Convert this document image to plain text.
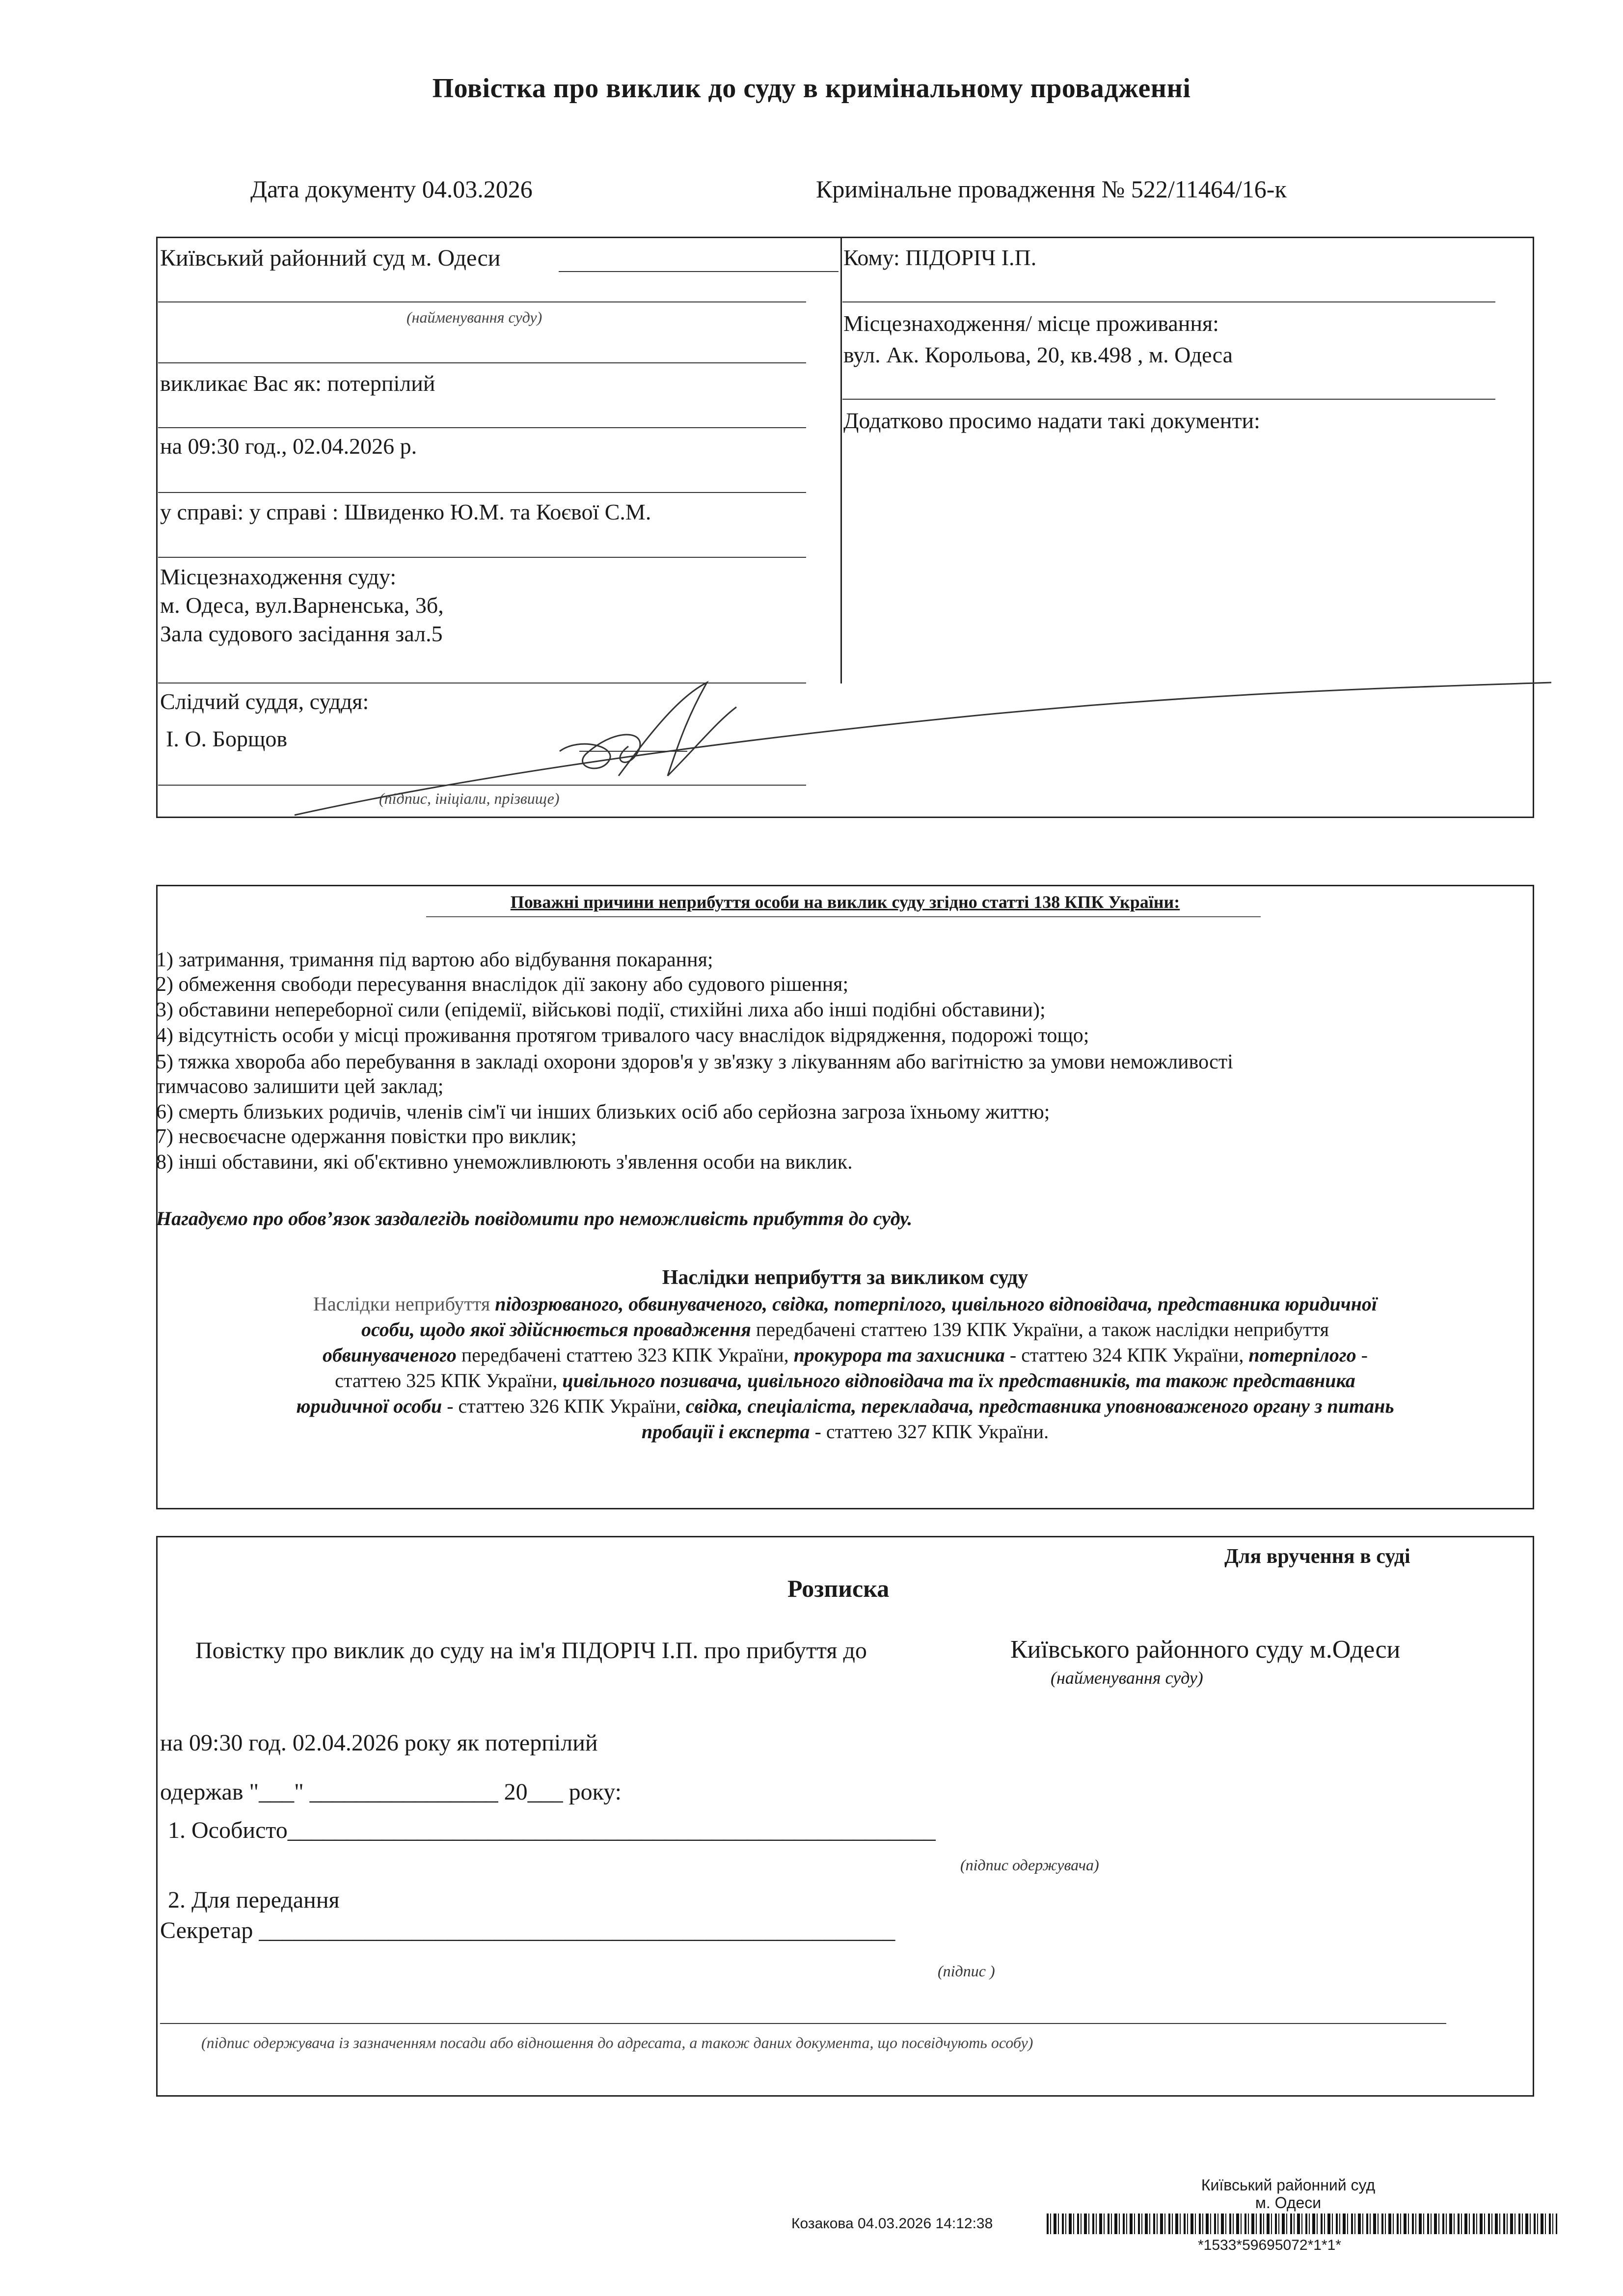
Повістка про виклик до суду в кримінальному провадженні
Дата документу 04.03.2026	Кримінальне провадження № 522/11464/16-к
Київський районний суд м. Одеси
(найменування суду)
викликає Вас як: потерпілий
на 09:30 год., 02.04.2026 р.
у справі: у справі : Швиденко Ю.М. та Коєвої С.М.
Місцезнаходження суду:
м. Одеса, вул.Варненська, 3б,
Зала судового засідання зал.5
Слідчий суддя, суддя:
І. О. Борщов
(підпис, ініціали, прізвище)
Кому: ПІДОРІЧ І.П.
Місцезнаходження/ місце проживання:
вул. Ак. Корольова, 20, кв.498 , м. Одеса
Додатково просимо надати такі документи:
Поважні причини неприбуття особи на виклик суду згідно статті 138 КПК України:
1) затримання, тримання під вартою або відбування покарання;
2) обмеження свободи пересування внаслідок дії закону або судового рішення;
3) обставини непереборної сили (епідемії, військові події, стихійні лиха або інші подібні обставини);
4) відсутність особи у місці проживання протягом тривалого часу внаслідок відрядження, подорожі тощо;
5) тяжка хвороба або перебування в закладі охорони здоров'я у зв'язку з лікуванням або вагітністю за умови неможливості
тимчасово залишити цей заклад;
6) смерть близьких родичів, членів сім'ї чи інших близьких осіб або серйозна загроза їхньому життю;
7) несвоєчасне одержання повістки про виклик;
8) інші обставини, які об'єктивно унеможливлюють з'явлення особи на виклик.
Нагадуємо про обов’язок заздалегідь повідомити про неможливість прибуття до суду.
Наслідки неприбуття за викликом суду
Наслідки неприбуття підозрюваного, обвинуваченого, свідка, потерпілого, цивільного відповідача, представника юридичної
особи, щодо якої здійснюється провадження передбачені статтею 139 КПК України, а також наслідки неприбуття
обвинуваченого передбачені статтею 323 КПК України, прокурора та захисника - статтею 324 КПК України, потерпілого -
статтею 325 КПК України, цивільного позивача, цивільного відповідача та їх представників, та також представника
юридичної особи - статтею 326 КПК України, свідка, спеціаліста, перекладача, представника уповноваженого органу з питань
пробації і експерта - статтею 327 КПК України.
Для вручення в суді
Розписка
Повістку про виклик до суду на ім'я ПІДОРІЧ І.П. про прибуття до	Київського районного суду м.Одеси
(найменування суду)
на 09:30 год. 02.04.2026 року як потерпілий
одержав "___" ________________ 20___ року:
1. Особисто_______________________________________________________
(підпис одержувача)
2. Для передання
Секретар ______________________________________________________
(підпис )
(підпис одержувача із зазначенням посади або відношення до адресата, а також даних документа, що посвідчують особу)
Київський районний суд
м. Одеси
Козакова 04.03.2026 14:12:38
*1533*59695072*1*1*
